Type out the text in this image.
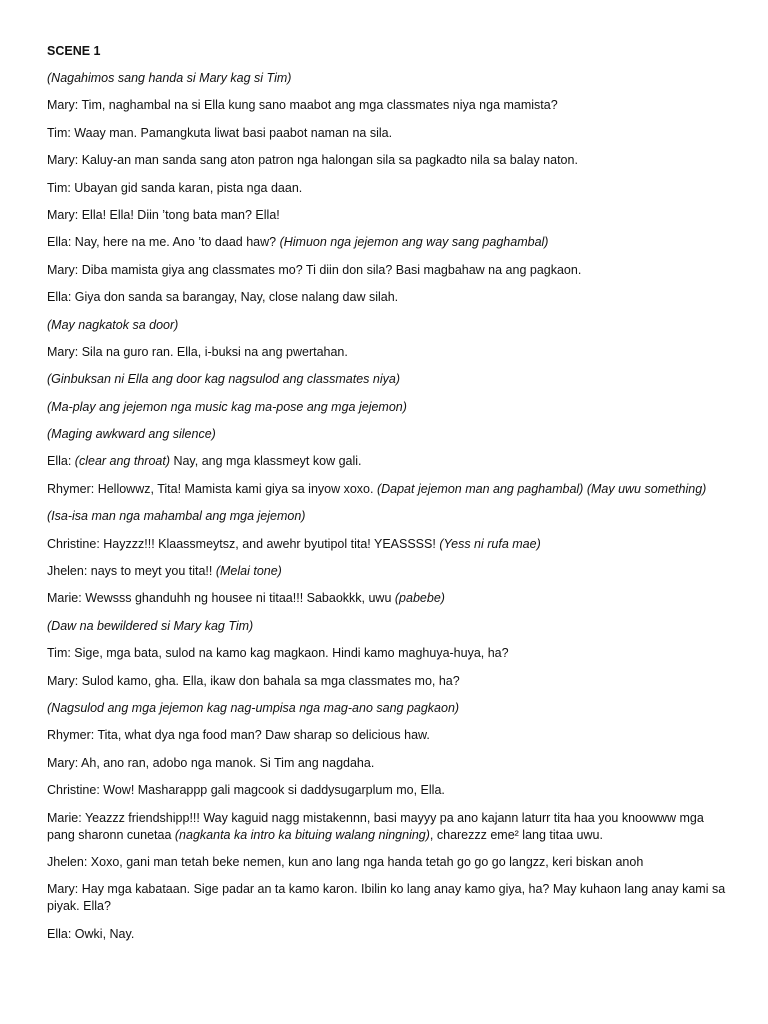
SCENE 1
(Nagahimos sang handa si Mary kag si Tim)
Mary: Tim, naghambal na si Ella kung sano maabot ang mga classmates niya nga mamista?
Tim: Waay man. Pamangkuta liwat basi paabot naman na sila.
Mary: Kaluy-an man sanda sang aton patron nga halongan sila sa pagkadto nila sa balay naton.
Tim: Ubayan gid sanda karan, pista nga daan.
Mary: Ella! Ella! Diin ’tong bata man? Ella!
Ella: Nay, here na me. Ano ’to daad haw? (Himuon nga jejemon ang way sang paghambal)
Mary: Diba mamista giya ang classmates mo? Ti diin don sila? Basi magbahaw na ang pagkaon.
Ella: Giya don sanda sa barangay, Nay, close nalang daw silah.
(May nagkatok sa door)
Mary: Sila na guro ran. Ella, i-buksi na ang pwertahan.
(Ginbuksan ni Ella ang door kag nagsulod ang classmates niya)
(Ma-play ang jejemon nga music kag ma-pose ang mga jejemon)
(Maging awkward ang silence)
Ella: (clear ang throat) Nay, ang mga klassmeyt kow gali.
Rhymer: Hellowwz, Tita! Mamista kami giya sa inyow xoxo. (Dapat jejemon man ang paghambal) (May uwu something)
(Isa-isa man nga mahambal ang mga jejemon)
Christine: Hayzzz!!! Klaassmeytsz, and awehr byutipol tita! YEASSSS! (Yess ni rufa mae)
Jhelen: nays to meyt you tita!! (Melai tone)
Marie: Wewsss ghanduhh ng housee ni titaa!!! Sabaokkk, uwu (pabebe)
(Daw na bewildered si Mary kag Tim)
Tim: Sige, mga bata, sulod na kamo kag magkaon. Hindi kamo maghuya-huya, ha?
Mary: Sulod kamo, gha. Ella, ikaw don bahala sa mga classmates mo, ha?
(Nagsulod ang mga jejemon kag nag-umpisa nga mag-ano sang pagkaon)
Rhymer: Tita, what dya nga food man? Daw sharap so delicious haw.
Mary: Ah, ano ran, adobo nga manok. Si Tim ang nagdaha.
Christine: Wow! Masharappp gali magcook si daddysugarplum mo, Ella.
Marie: Yeazzz friendshipp!!! Way kaguid nagg mistakennn, basi mayyy pa ano kajann laturr tita haa you knoowww mga pang sharonn cunetaa (nagkanta ka intro ka bituing walang ningning), charezzz eme² lang titaa uwu.
Jhelen: Xoxo, gani man tetah beke nemen, kun ano lang nga handa tetah go go go langzz, keri biskan anoh
Mary: Hay mga kabataan. Sige padar an ta kamo karon. Ibilin ko lang anay kamo giya, ha? May kuhaon lang anay kami sa piyak. Ella?
Ella: Owki, Nay.
